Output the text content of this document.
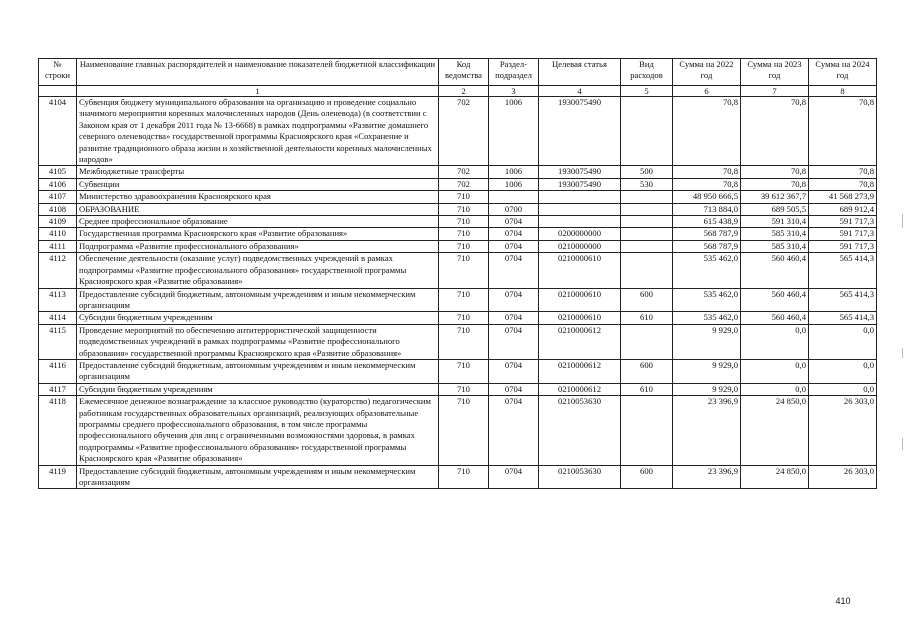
№ строки	Наименование главных распорядителей и наименование показателей бюджетной классификации	Код ведомства	Раздел-подраздел	Целевая статья	Вид расходов	Сумма на 2022 год	Сумма на 2023 год	Сумма на 2024 год
	1	2	3	4	5	6	7	8
4104	Субвенция бюджету муниципального образования на организацию и проведение социально значимого мероприятия коренных малочисленных народов (День оленевода) (в соответствии с Законом края от 1 декабря 2011 года № 13-6668) в рамках подпрограммы «Развитие домашнего северного оленеводства» государственной программы Красноярского края «Сохранение и развитие традиционного образа жизни и хозяйственной деятельности коренных малочисленных народов»	702	1006	1930075490		70,8	70,8	70,8
4105	Межбюджетные трансферты	702	1006	1930075490	500	70,8	70,8	70,8
4106	Субвенции	702	1006	1930075490	530	70,8	70,8	70,8
4107	Министерство здравоохранения Красноярского края	710				48 950 666,5	39 612 367,7	41 568 273,9
4108	ОБРАЗОВАНИЕ	710	0700			713 884,0	689 505,5	689 912,4
4109	Среднее профессиональное образование	710	0704			615 438,9	591 310,4	591 717,3
4110	Государственная программа Красноярского края «Развитие образования»	710	0704	0200000000		568 787,9	585 310,4	591 717,3
4111	Подпрограмма «Развитие профессионального образования»	710	0704	0210000000		568 787,9	585 310,4	591 717,3
4112	Обеспечение деятельности (оказание услуг) подведомственных учреждений в рамках подпрограммы «Развитие профессионального образования» государственной программы Красноярского края «Развитие образования»	710	0704	0210000610		535 462,0	560 460,4	565 414,3
4113	Предоставление субсидий бюджетным, автономным учреждениям и иным некоммерческим организациям	710	0704	0210000610	600	535 462,0	560 460,4	565 414,3
4114	Субсидии бюджетным учреждениям	710	0704	0210000610	610	535 462,0	560 460,4	565 414,3
4115	Проведение мероприятий по обеспечению антитеррористической защищенности подведомственных учреждений в рамках подпрограммы «Развитие профессионального образования» государственной программы Красноярского края «Развитие образования»	710	0704	0210000612		9 929,0	0,0	0,0
4116	Предоставление субсидий бюджетным, автономным учреждениям и иным некоммерческим организациям	710	0704	0210000612	600	9 929,0	0,0	0,0
4117	Субсидии бюджетным учреждениям	710	0704	0210000612	610	9 929,0	0,0	0,0
4118	Ежемесячное денежное вознаграждение за классное руководство (кураторство) педагогическим работникам государственных образовательных организаций, реализующих образовательные программы среднего профессионального образования, в том числе программы профессионального обучения для лиц с ограниченными возможностями здоровья, в рамках подпрограммы «Развитие профессионального образования» государственной программы Красноярского края «Развитие образования»	710	0704	0210053630		23 396,9	24 850,0	26 303,0
4119	Предоставление субсидий бюджетным, автономным учреждениям и иным некоммерческим организациям	710	0704	0210053630	600	23 396,9	24 850,0	26 303,0
410
